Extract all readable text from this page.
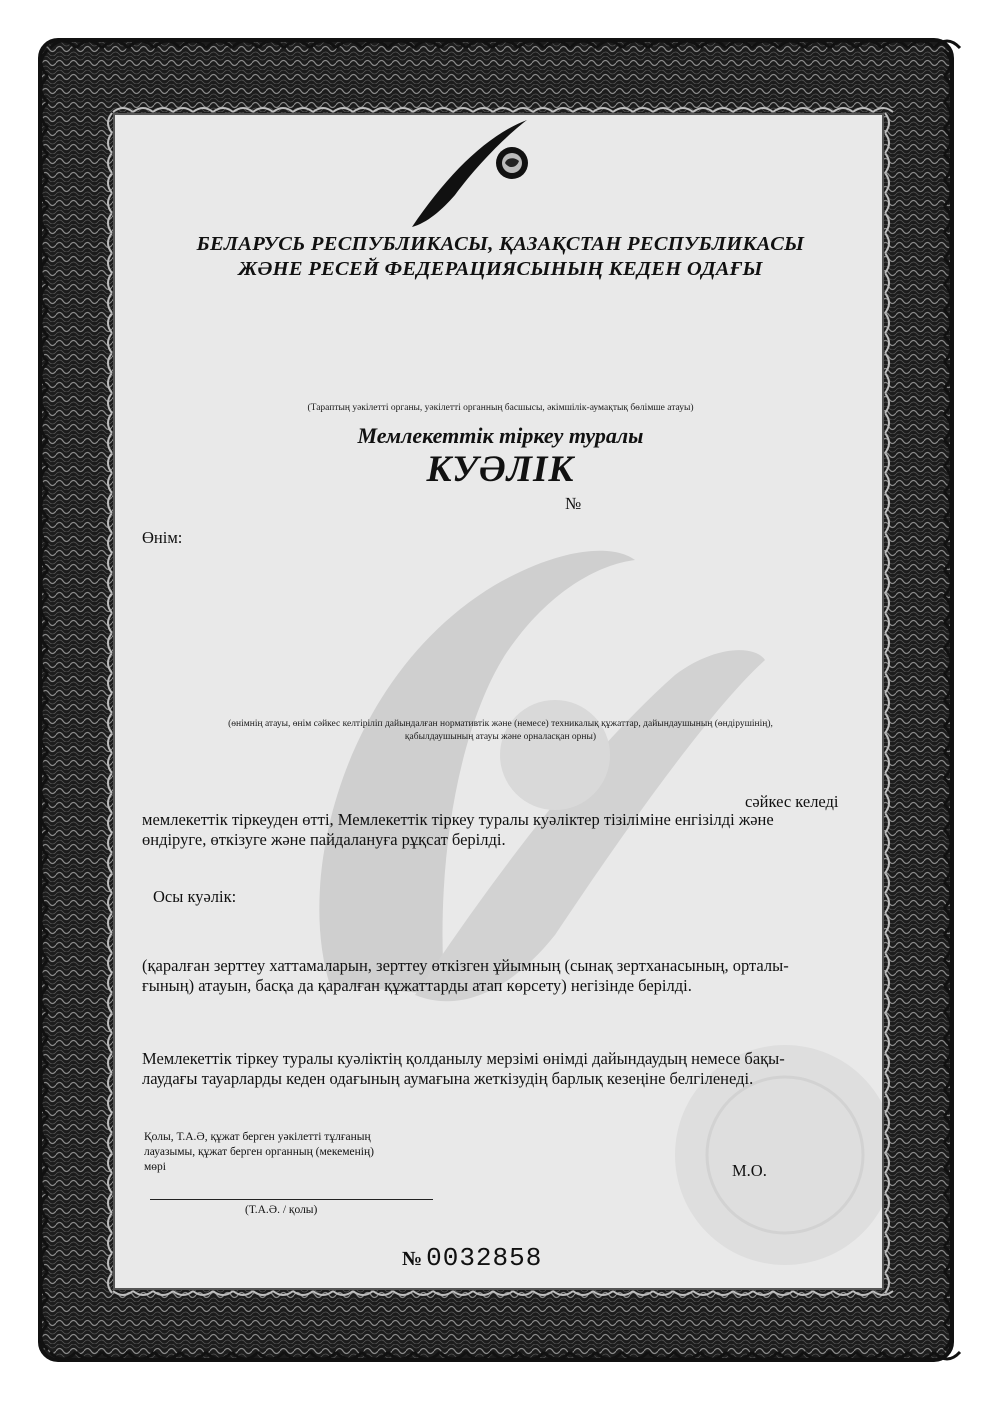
БЕЛАРУСЬ РЕСПУБЛИКАСЫ, ҚАЗАҚСТАН РЕСПУБЛИКАСЫ
ЖӘНЕ РЕСЕЙ ФЕДЕРАЦИЯСЫНЫҢ КЕДЕН ОДАҒЫ
(Тараптың уәкілетті органы, уәкілетті органның басшысы, әкімшілік-аумақтық бөлімше атауы)
Мемлекеттік тіркеу туралы
КУӘЛІК
№
Өнім:
(өнімнің атауы, өнім сәйкес келтіріліп дайындалған нормативтік және (немесе) техникалық құжаттар, дайындаушының (өндірушінің),
қабылдаушының атауы және орналасқан орны)
сәйкес келеді
мемлекеттік тіркеуден өтті, Мемлекеттік тіркеу туралы куәліктер тізіліміне енгізілді және
өндіруге, өткізуге және пайдалануға рұқсат берілді.
Осы куәлік:
(қаралған зерттеу хаттамаларын, зерттеу өткізген ұйымның (сынақ зертханасының, орталы-
ғының) атауын, басқа да қаралған құжаттарды атап көрсету) негізінде берілді.
Мемлекеттік тіркеу туралы куәліктің қолданылу мерзімі өнімді дайындаудың немесе бақы-
лаудағы тауарларды кеден одағының аумағына жеткізудің барлық кезеңіне белгіленеді.
Қолы, Т.А.Ә, құжат берген уәкілетті тұлғаның
лауазымы, құжат берген органның (мекеменің)
мөрі
(Т.А.Ә. / қолы)
М.О.
№ 0032858
